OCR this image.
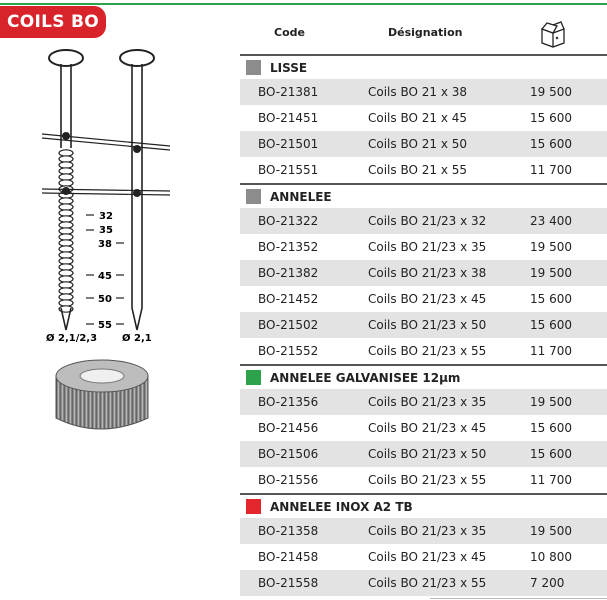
COILS BO
32
35
38
45
50
55
Ø 2,1/2,3 Ø 2,1
Code	Désignation
LISSE
BO-21381	Coils BO 21 x 38	19 500
BO-21451	Coils BO 21 x 45	15 600
BO-21501	Coils BO 21 x 50	15 600
BO-21551	Coils BO 21 x 55	11 700
ANNELEE
BO-21322	Coils BO 21/23 x 32	23 400
BO-21352	Coils BO 21/23 x 35	19 500
BO-21382	Coils BO 21/23 x 38	19 500
BO-21452	Coils BO 21/23 x 45	15 600
BO-21502	Coils BO 21/23 x 50	15 600
BO-21552	Coils BO 21/23 x 55	11 700
ANNELEE GALVANISEE 12µm
BO-21356	Coils BO 21/23 x 35	19 500
BO-21456	Coils BO 21/23 x 45	15 600
BO-21506	Coils BO 21/23 x 50	15 600
BO-21556	Coils BO 21/23 x 55	11 700
ANNELEE INOX A2 TB
BO-21358	Coils BO 21/23 x 35	19 500
BO-21458	Coils BO 21/23 x 45	10 800
BO-21558	Coils BO 21/23 x 55	7 200
